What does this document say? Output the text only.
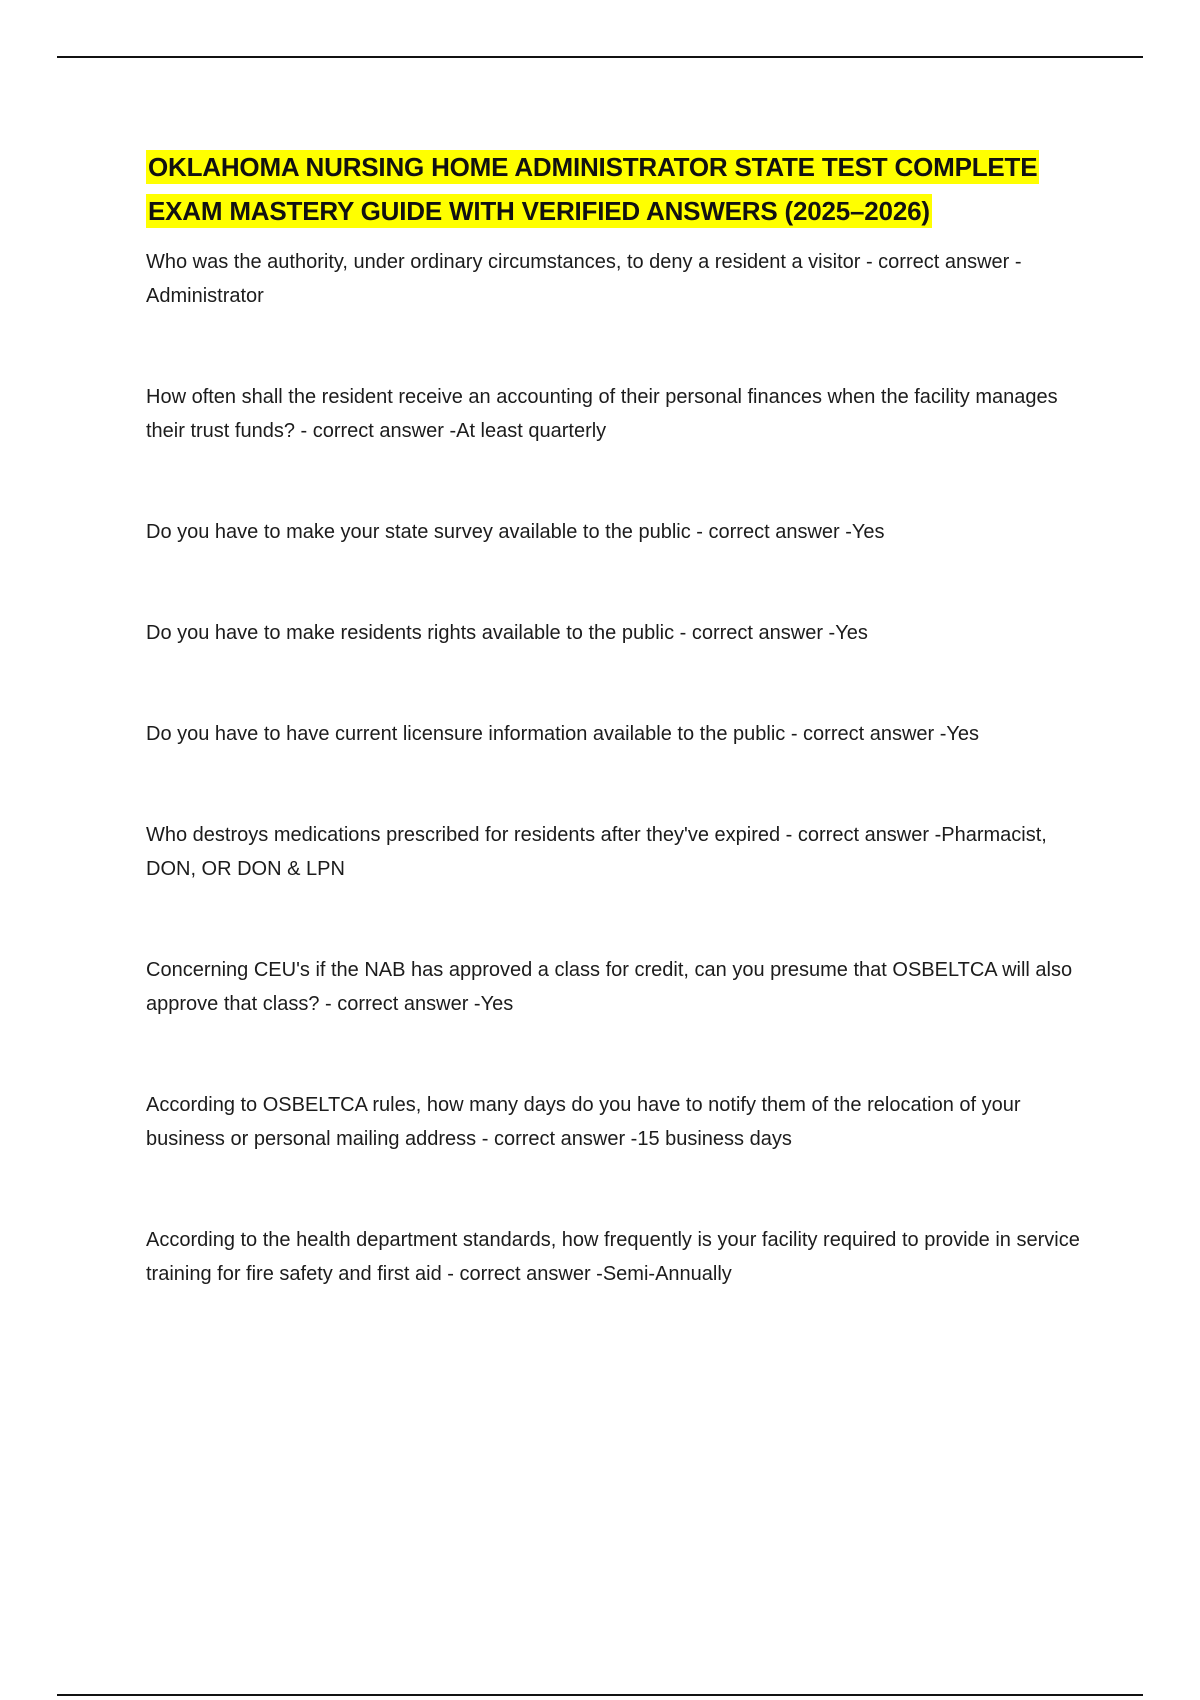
OKLAHOMA NURSING HOME ADMINISTRATOR STATE TEST COMPLETE EXAM MASTERY GUIDE WITH VERIFIED ANSWERS (2025–2026)
Who was the authority, under ordinary circumstances, to deny a resident a visitor - correct answer -Administrator
How often shall the resident receive an accounting of their personal finances when the facility manages their trust funds? - correct answer -At least quarterly
Do you have to make your state survey available to the public - correct answer -Yes
Do you have to make residents rights available to the public - correct answer -Yes
Do you have to have current licensure information available to the public - correct answer -Yes
Who destroys medications prescribed for residents after they've expired - correct answer -Pharmacist, DON, OR DON & LPN
Concerning CEU's if the NAB has approved a class for credit, can you presume that OSBELTCA will also approve that class? - correct answer -Yes
According to OSBELTCA rules, how many days do you have to notify them of the relocation of your business or personal mailing address - correct answer -15 business days
According to the health department standards, how frequently is your facility required to provide in service training for fire safety and first aid - correct answer -Semi-Annually
